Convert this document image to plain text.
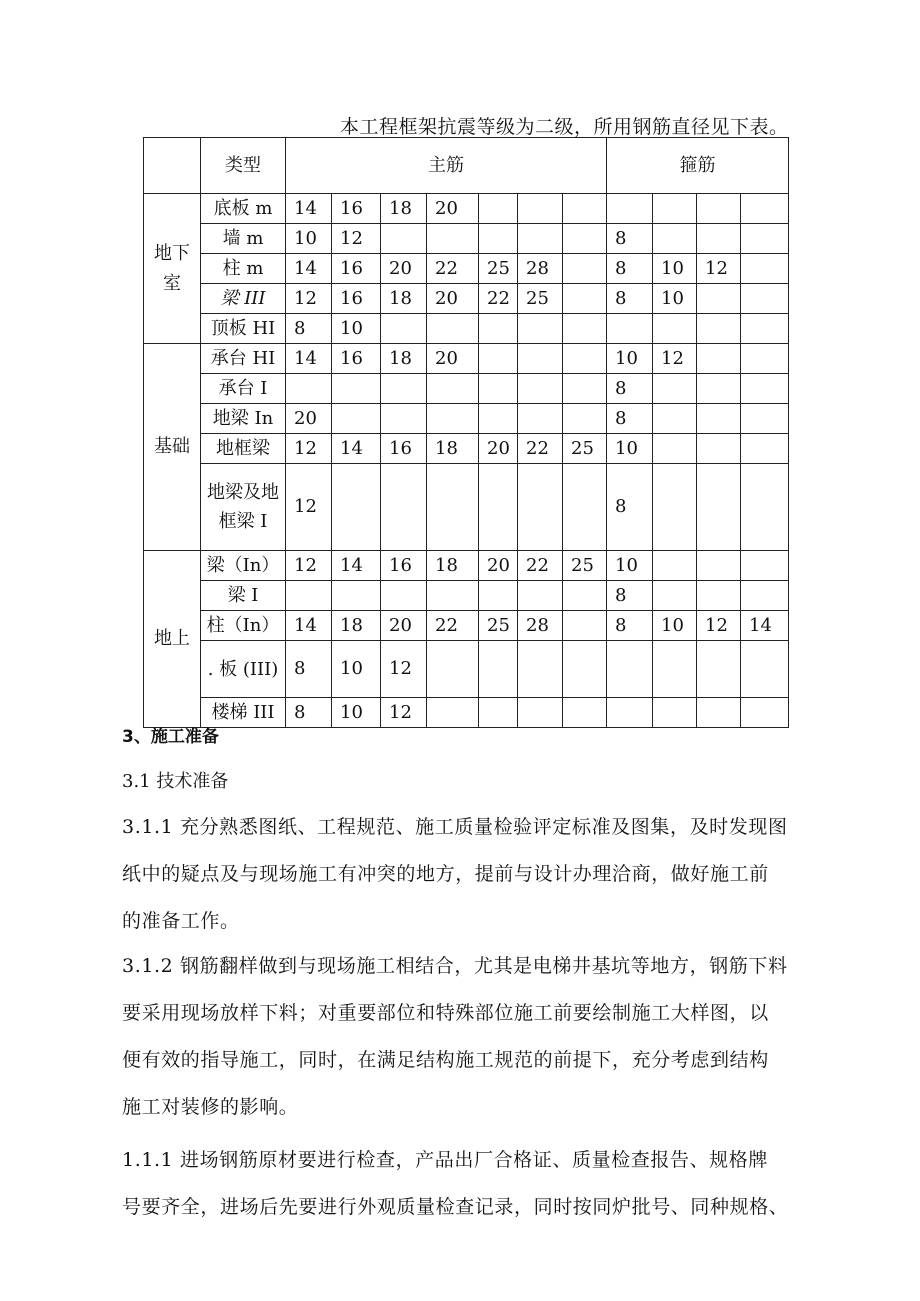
本工程框架抗震等级为二级，所用钢筋直径见下表。
	类型	主筋							箍筋			
地下室	底板 m	14	16	18	20							
	墙 m	10	12						8			
	柱 m	14	16	20	22	25	28		8	10	12	
	梁 III	12	16	18	20	22	25		8	10		
	顶板 HI	8	10									
基础	承台 HI	14	16	18	20				10	12		
	承台 I								8			
	地梁 In	20							8			
	地框梁	12	14	16	18	20	22	25	10			
	地梁及地框梁 I	12							8			
地上	梁（In）	12	14	16	18	20	22	25	10			
	梁 I								8			
	柱（In）	14	18	20	22	25	28		8	10	12	14
	. 板 (III)	8	10	12								
	楼梯 III	8	10	12								
3、施工准备
3.1 技术准备
3.1.1 充分熟悉图纸、工程规范、施工质量检验评定标准及图集，及时发现图
纸中的疑点及与现场施工有冲突的地方，提前与设计办理洽商，做好施工前
的准备工作。
3.1.2 钢筋翻样做到与现场施工相结合，尤其是电梯井基坑等地方，钢筋下料
要采用现场放样下料；对重要部位和特殊部位施工前要绘制施工大样图，以
便有效的指导施工，同时，在满足结构施工规范的前提下，充分考虑到结构
施工对装修的影响。
1.1.1 进场钢筋原材要进行检查，产品出厂合格证、质量检查报告、规格牌
号要齐全，进场后先要进行外观质量检查记录，同时按同炉批号、同种规格、
